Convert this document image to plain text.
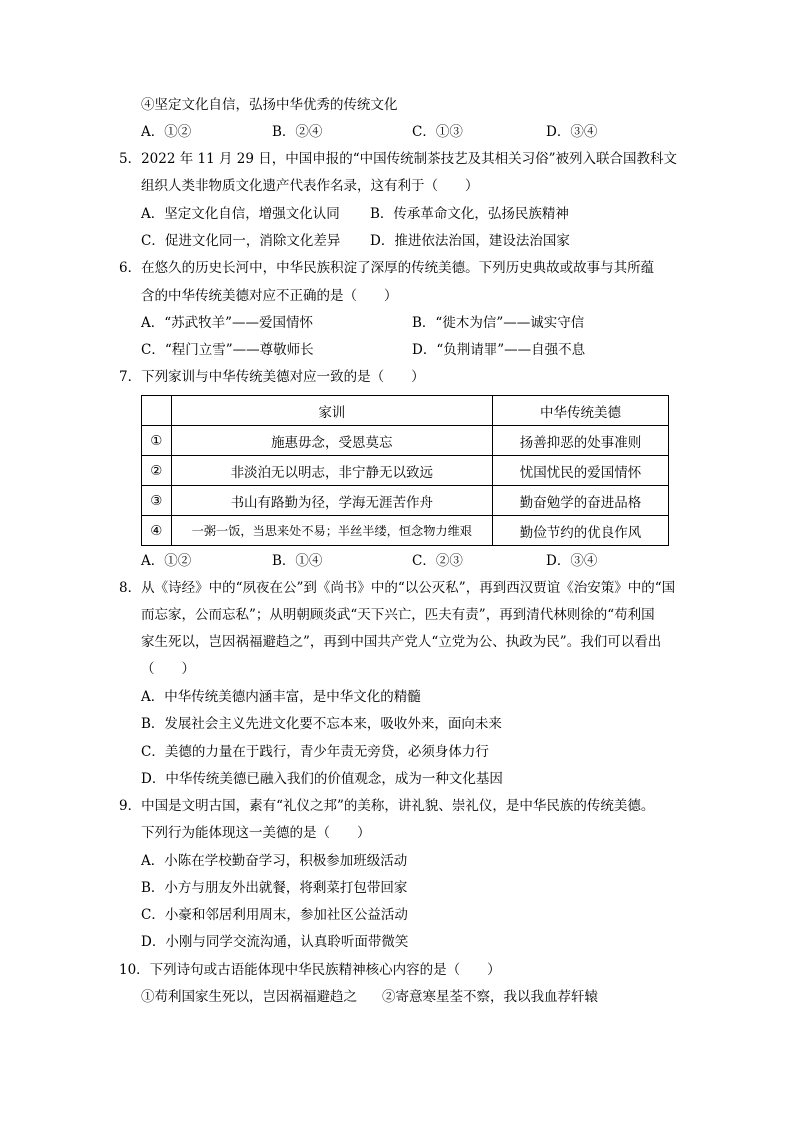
④坚定文化自信，弘扬中华优秀的传统文化
A．①②	B．②④	C．①③	D．③④
5．2022 年 11 月 29 日，中国申报的“中国传统制茶技艺及其相关习俗”被列入联合国教科文
组织人类非物质文化遗产代表作名录，这有利于（　　）
A．坚定文化自信，增强文化认同 B．传承革命文化，弘扬民族精神
C．促进文化同一，消除文化差异 D．推进依法治国，建设法治国家
6．在悠久的历史长河中，中华民族积淀了深厚的传统美德。下列历史典故或故事与其所蕴
含的中华传统美德对应不正确的是（　　）
A．“苏武牧羊”——爱国情怀	B．“徙木为信”——诚实守信
C．“程门立雪”——尊敬师长	D．“负荆请罪”——自强不息
7．下列家训与中华传统美德对应一致的是（　　）
	家训	中华传统美德
①	施惠毋念，受恩莫忘	扬善抑恶的处事准则
②	非淡泊无以明志，非宁静无以致远	忧国忧民的爱国情怀
③	书山有路勤为径，学海无涯苦作舟	勤奋勉学的奋进品格
④	一粥一饭，当思来处不易；半丝半缕，恒念物力维艰	勤俭节约的优良作风
A．①②	B．①④	C．②③	D．③④
8．从《诗经》中的“夙夜在公”到《尚书》中的“以公灭私”，再到西汉贾谊《治安策》中的“国
而忘家，公而忘私”；从明朝顾炎武“天下兴亡，匹夫有责”，再到清代林则徐的“苟利国
家生死以，岂因祸福避趋之”，再到中国共产党人“立党为公、执政为民”。我们可以看出
（　　）
A．中华传统美德内涵丰富，是中华文化的精髓
B．发展社会主义先进文化要不忘本来，吸收外来，面向未来
C．美德的力量在于践行，青少年责无旁贷，必须身体力行
D．中华传统美德已融入我们的价值观念，成为一种文化基因
9．中国是文明古国，素有“礼仪之邦”的美称，讲礼貌、崇礼仪，是中华民族的传统美德。
下列行为能体现这一美德的是（　　）
A．小陈在学校勤奋学习，积极参加班级活动
B．小方与朋友外出就餐，将剩菜打包带回家
C．小豪和邻居利用周末，参加社区公益活动
D．小刚与同学交流沟通，认真聆听面带微笑
10．下列诗句或古语能体现中华民族精神核心内容的是（　　）
①苟利国家生死以，岂因祸福避趋之 ②寄意寒星荃不察，我以我血荐轩辕
